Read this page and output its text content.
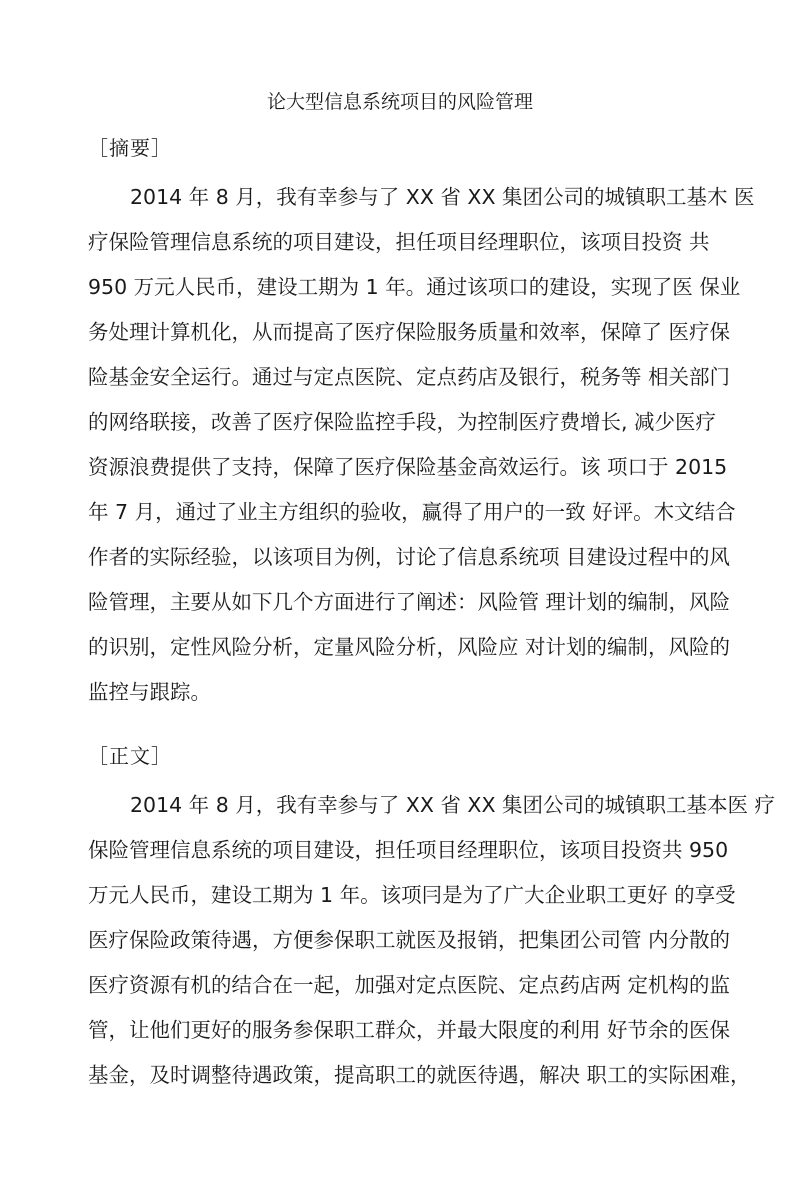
论大型信息系统项目的风险管理
［摘要］
2014 年 8 月，我有幸参与了 XX 省 XX 集团公司的城镇职工基木 医
疗保险管理信息系统的项目建设，担任项目经理职位，该项目投资 共
950 万元人民币，建设工期为 1 年。通过该项口的建设，实现了医 保业
务处理计算机化，从而提高了医疗保险服务质量和效率，保障了 医疗保
险基金安全运行。通过与定点医院、定点药店及银行，税务等 相关部门
的网络联接，改善了医疗保险监控手段，为控制医疗费增长, 减少医疗
资源浪费提供了支持，保障了医疗保险基金高效运行。该 项口于 2015
年 7 月，通过了业主方组织的验收，赢得了用户的一致 好评。木文结合
作者的实际经验，以该项目为例，讨论了信息系统项 目建设过程中的风
险管理，主要从如下几个方面进行了阐述：风险管 理计划的编制，风险
的识别，定性风险分析，定量风险分析，风险应 对计划的编制，风险的
监控与跟踪。
［正文］
2014 年 8 月，我有幸参与了 XX 省 XX 集团公司的城镇职工基本医 疗
保险管理信息系统的项目建设，担任项目经理职位，该项目投资共 950
万元人民币，建设工期为 1 年。该项冃是为了广大企业职工更好 的享受
医疗保险政策待遇，方便参保职工就医及报销，把集团公司管 内分散的
医疗资源有机的结合在一起，加强对定点医院、定点药店两 定机构的监
管，让他们更好的服务参保职工群众，并最大限度的利用 好节余的医保
基金，及时调整待遇政策，提高职工的就医待遇，解决 职工的实际困难，
